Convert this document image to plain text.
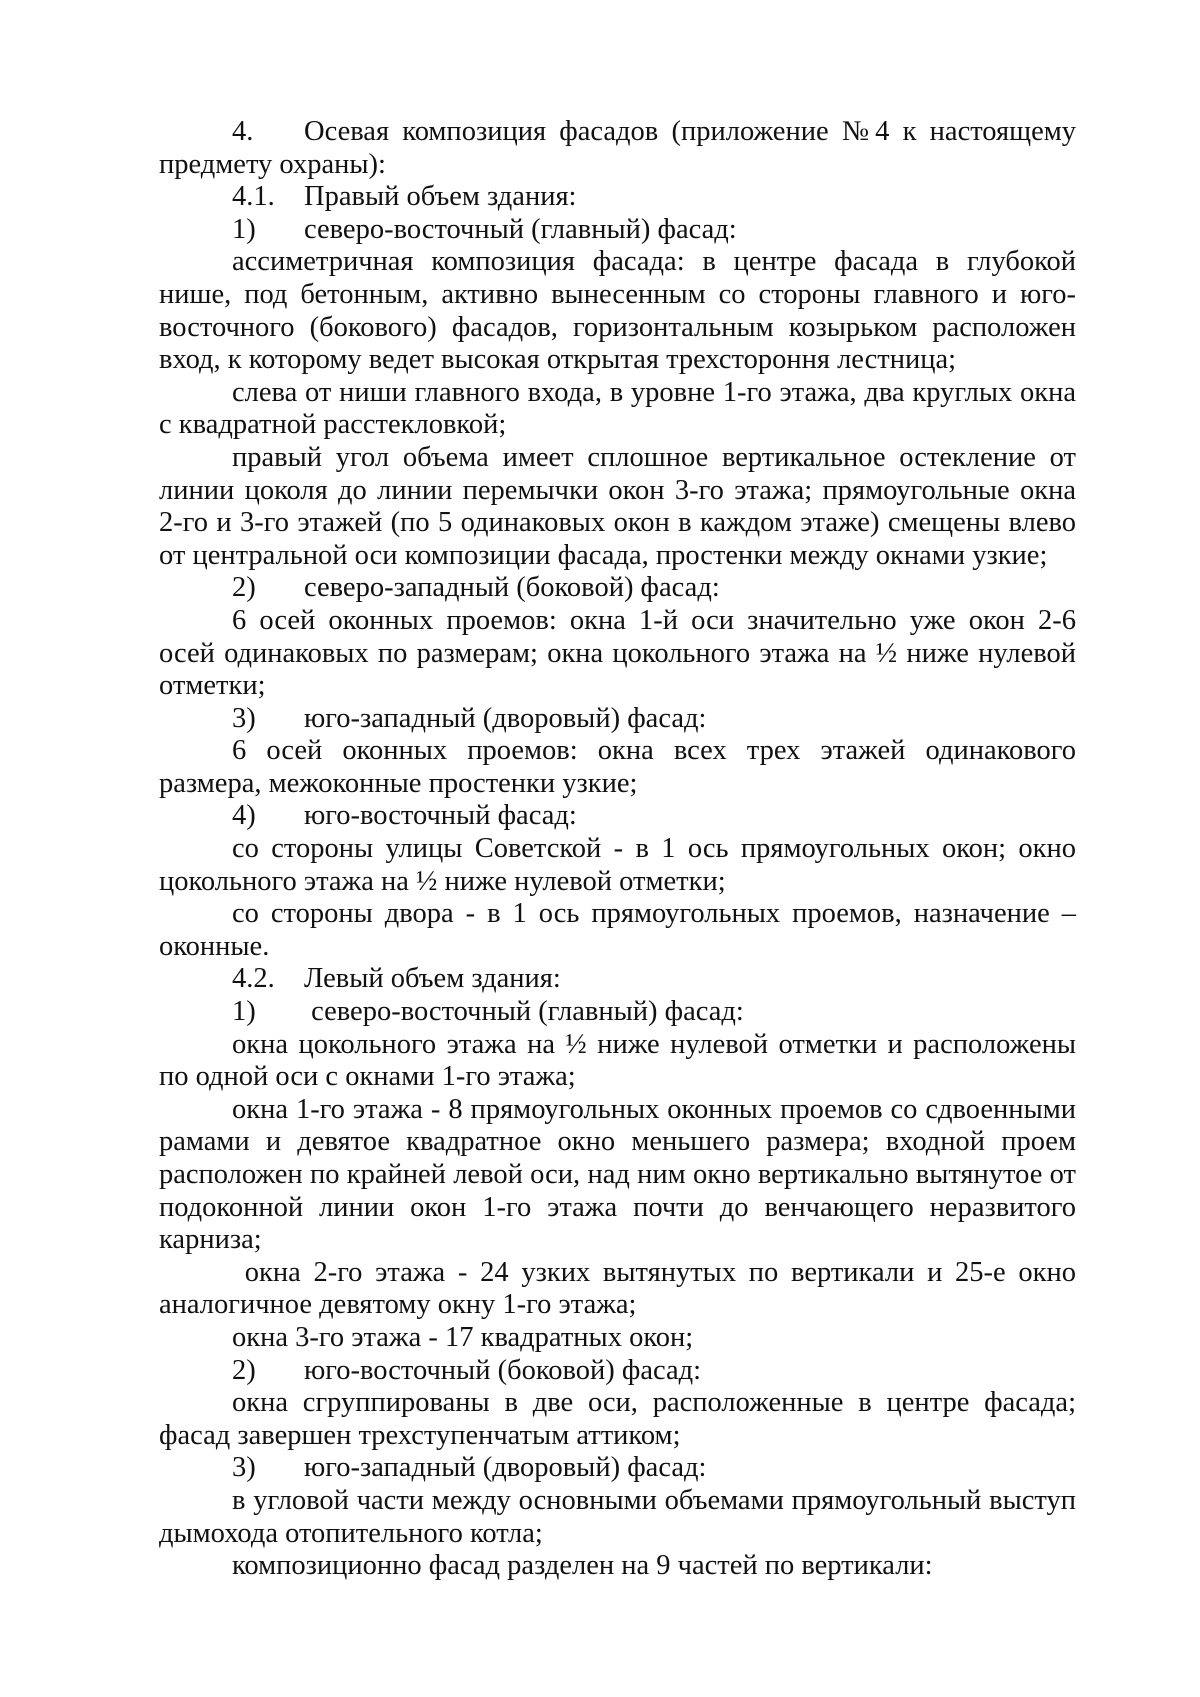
4. Осевая композиция фасадов (приложение №4 к настоящему предмету охраны):

4.1. Правый объем здания:

1) северо-восточный (главный) фасад:

ассиметричная композиция фасада: в центре фасада в глубокой нише, под бетонным, активно вынесенным со стороны главного и юго-восточного (бокового) фасадов, горизонтальным козырьком расположен вход, к которому ведет высокая открытая трехстороння лестница;

слева от ниши главного входа, в уровне 1-го этажа, два круглых окна с квадратной расстекловкой;

правый угол объема имеет сплошное вертикальное остекление от линии цоколя до линии перемычки окон 3-го этажа; прямоугольные окна 2-го и 3-го этажей (по 5 одинаковых окон в каждом этаже) смещены влево от центральной оси композиции фасада, простенки между окнами узкие;

2) северо-западный (боковой) фасад:

6 осей оконных проемов: окна 1-й оси значительно уже окон 2-6 осей одинаковых по размерам; окна цокольного этажа на ½ ниже нулевой отметки;

3) юго-западный (дворовый) фасад:

6 осей оконных проемов: окна всех трех этажей одинакового размера, межоконные простенки узкие;

4) юго-восточный фасад:

со стороны улицы Советской - в 1 ось прямоугольных окон; окно цокольного этажа на ½ ниже нулевой отметки;

со стороны двора - в 1 ось прямоугольных проемов, назначение – оконные.

4.2. Левый объем здания:

1) северо-восточный (главный) фасад:

окна цокольного этажа на ½ ниже нулевой отметки и расположены по одной оси с окнами 1-го этажа;

окна 1-го этажа - 8 прямоугольных оконных проемов со сдвоенными рамами и девятое квадратное окно меньшего размера; входной проем расположен по крайней левой оси, над ним окно вертикально вытянутое от подоконной линии окон 1-го этажа почти до венчающего неразвитого карниза;

окна 2-го этажа - 24 узких вытянутых по вертикали и 25-е окно аналогичное девятому окну 1-го этажа;

окна 3-го этажа - 17 квадратных окон;

2) юго-восточный (боковой) фасад:

окна сгруппированы в две оси, расположенные в центре фасада; фасад завершен трехступенчатым аттиком;

3) юго-западный (дворовый) фасад:

в угловой части между основными объемами прямоугольный выступ дымохода отопительного котла;

композиционно фасад разделен на 9 частей по вертикали:
